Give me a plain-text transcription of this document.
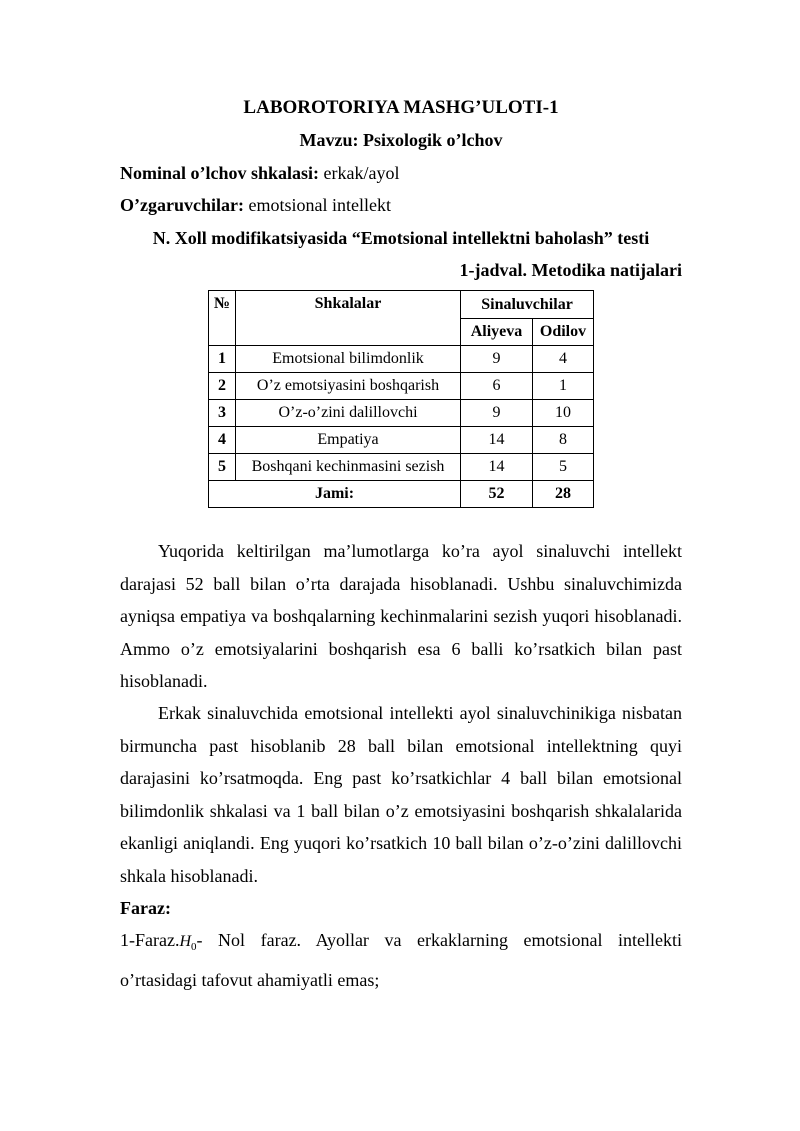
LABOROTORIYA MASHG’ULOTI-1
Mavzu: Psixologik o’lchov
Nominal o’lchov shkalasi: erkak/ayol
O’zgaruvchilar: emotsional intellekt
N. Xoll modifikatsiyasida “Emotsional intellektni baholash” testi
1-jadval. Metodika natijalari
№	Shkalalar	Sinaluvchilar	
		Aliyeva	Odilov
1	Emotsional bilimdonlik	9	4
2	O’z emotsiyasini boshqarish	6	1
3	O’z-o’zini dalillovchi	9	10
4	Empatiya	14	8
5	Boshqani kechinmasini sezish	14	5
Jami:		52	28

Yuqorida keltirilgan ma’lumotlarga ko’ra ayol sinaluvchi intellekt darajasi 52 ball bilan o’rta darajada hisoblanadi. Ushbu sinaluvchimizda ayniqsa empatiya va boshqalarning kechinmalarini sezish yuqori hisoblanadi. Ammo o’z emotsiyalarini boshqarish esa 6 balli ko’rsatkich bilan past hisoblanadi.

Erkak sinaluvchida emotsional intellekti ayol sinaluvchinikiga nisbatan birmuncha past hisoblanib 28 ball bilan emotsional intellektning quyi darajasini ko’rsatmoqda. Eng past ko’rsatkichlar 4 ball bilan emotsional bilimdonlik shkalasi va 1 ball bilan o’z emotsiyasini boshqarish shkalalarida ekanligi aniqlandi. Eng yuqori ko’rsatkich 10 ball bilan o’z-o’zini dalillovchi shkala hisoblanadi.

Faraz:

$1-Faraz.H_0-$ Nol faraz. Ayollar va erkaklarning emotsional intellekti o’rtasidagi tafovut ahamiyatli emas;
